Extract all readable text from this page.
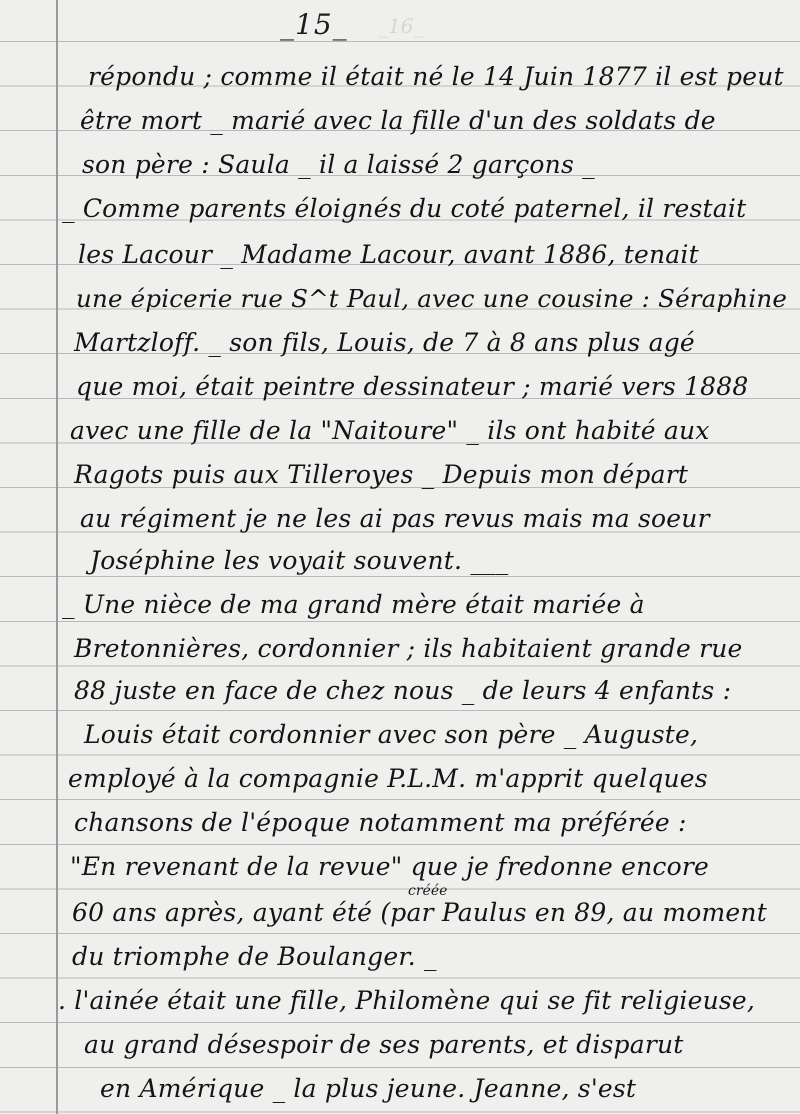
_16_
_15_
répondu ; comme il était né le 14 Juin 1877 il est peut
être mort _ marié avec la fille d'un des soldats de
son père : Saula _ il a laissé 2 garçons _
_ Comme parents éloignés du coté paternel, il restait
les Lacour _ Madame Lacour, avant 1886, tenait
une épicerie rue S^t Paul, avec une cousine : Séraphine
Martzloff. _ son fils, Louis, de 7 à 8 ans plus agé
que moi, était peintre dessinateur ; marié vers 1888
avec une fille de la "Naitoure" _ ils ont habité aux
Ragots puis aux Tilleroyes _ Depuis mon départ
au régiment je ne les ai pas revus mais ma soeur
Joséphine les voyait souvent. ___
_ Une nièce de ma grand mère était mariée à
Bretonnières, cordonnier ; ils habitaient grande rue
88 juste en face de chez nous _ de leurs 4 enfants :
Louis était cordonnier avec son père _ Auguste,
employé à la compagnie P.L.M. m'apprit quelques
chansons de l'époque notamment ma préférée :
"En revenant de la revue" que je fredonne encore
créée
60 ans après, ayant été (par Paulus en 89, au moment
du triomphe de Boulanger. _
. l'ainée était une fille, Philomène qui se fit religieuse,
au grand désespoir de ses parents, et disparut
en Amérique _ la plus jeune. Jeanne, s'est
